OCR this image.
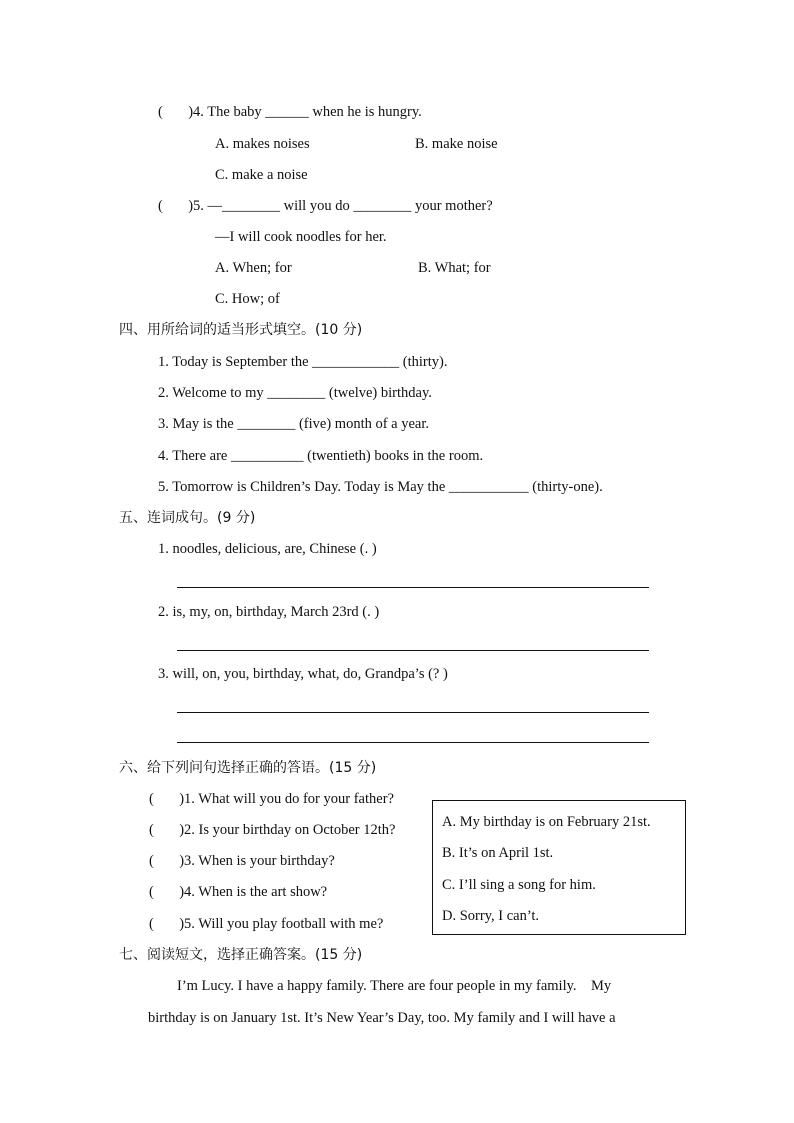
(       )4. The baby ______ when he is hungry.
A. makes noises	B. make noise
C. make a noise
(       )5. —________ will you do ________ your mother?
—I will cook noodles for her.
A. When; for	B. What; for
C. How; of
四、用所给词的适当形式填空。(10 分)
1. Today is September the ____________ (thirty).
2. Welcome to my ________ (twelve) birthday.
3. May is the ________ (five) month of a year.
4. There are __________ (twentieth) books in the room.
5. Tomorrow is Children’s Day. Today is May the ___________ (thirty-one).
五、连词成句。(9 分)
1. noodles, delicious, are, Chinese (. )
2. is, my, on, birthday, March 23rd (. )
3. will, on, you, birthday, what, do, Grandpa’s (? )
六、给下列问句选择正确的答语。(15 分)
(       )1. What will you do for your father?
(       )2. Is your birthday on October 12th?
(       )3. When is your birthday?
(       )4. When is the art show?
(       )5. Will you play football with me?
A. My birthday is on February 21st.
B. It’s on April 1st.
C. I’ll sing a song for him.
D. Sorry, I can’t.
七、阅读短文，选择正确答案。(15 分)
I’m Lucy. I have a happy family. There are four people in my family.    My
birthday is on January 1st. It’s New Year’s Day, too. My family and I will have a
